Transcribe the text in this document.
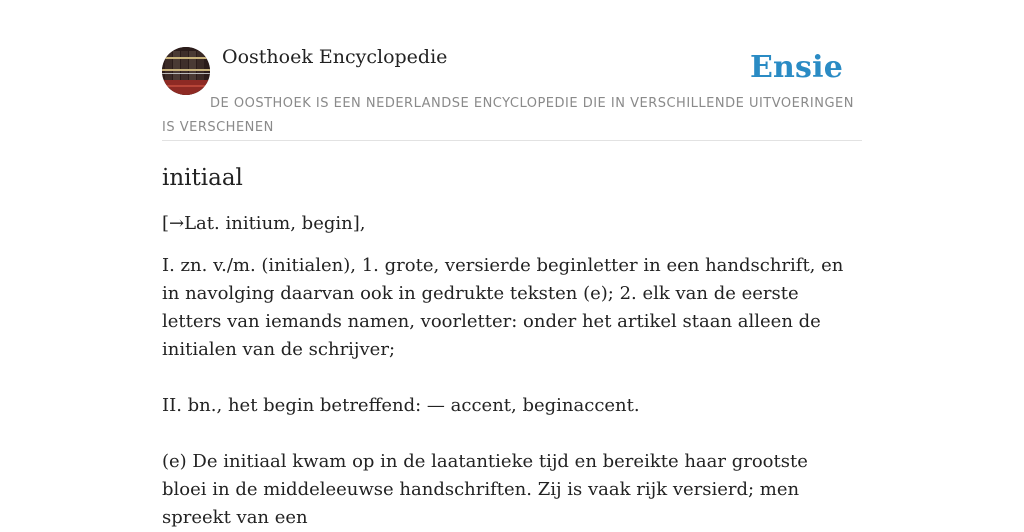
Oosthoek Encyclopedie	Ensie
DE OOSTHOEK IS EEN NEDERLANDSE ENCYCLOPEDIE DIE IN VERSCHILLENDE UITVOERINGEN IS VERSCHENEN
initiaal

[→Lat. initium, begin],

I. zn. v./m. (initialen), 1. grote, versierde beginletter in een handschrift, en in navolging daarvan ook in gedrukte teksten (e); 2. elk van de eerste letters van iemands namen, voorletter: onder het artikel staan alleen de initialen van de schrijver;

II. bn., het begin betreffend: — accent, beginaccent.

(e) De initiaal kwam op in de laatantieke tijd en bereikte haar grootste bloei in de middeleeuwse handschriften. Zij is vaak rijk versierd; men spreekt van een
